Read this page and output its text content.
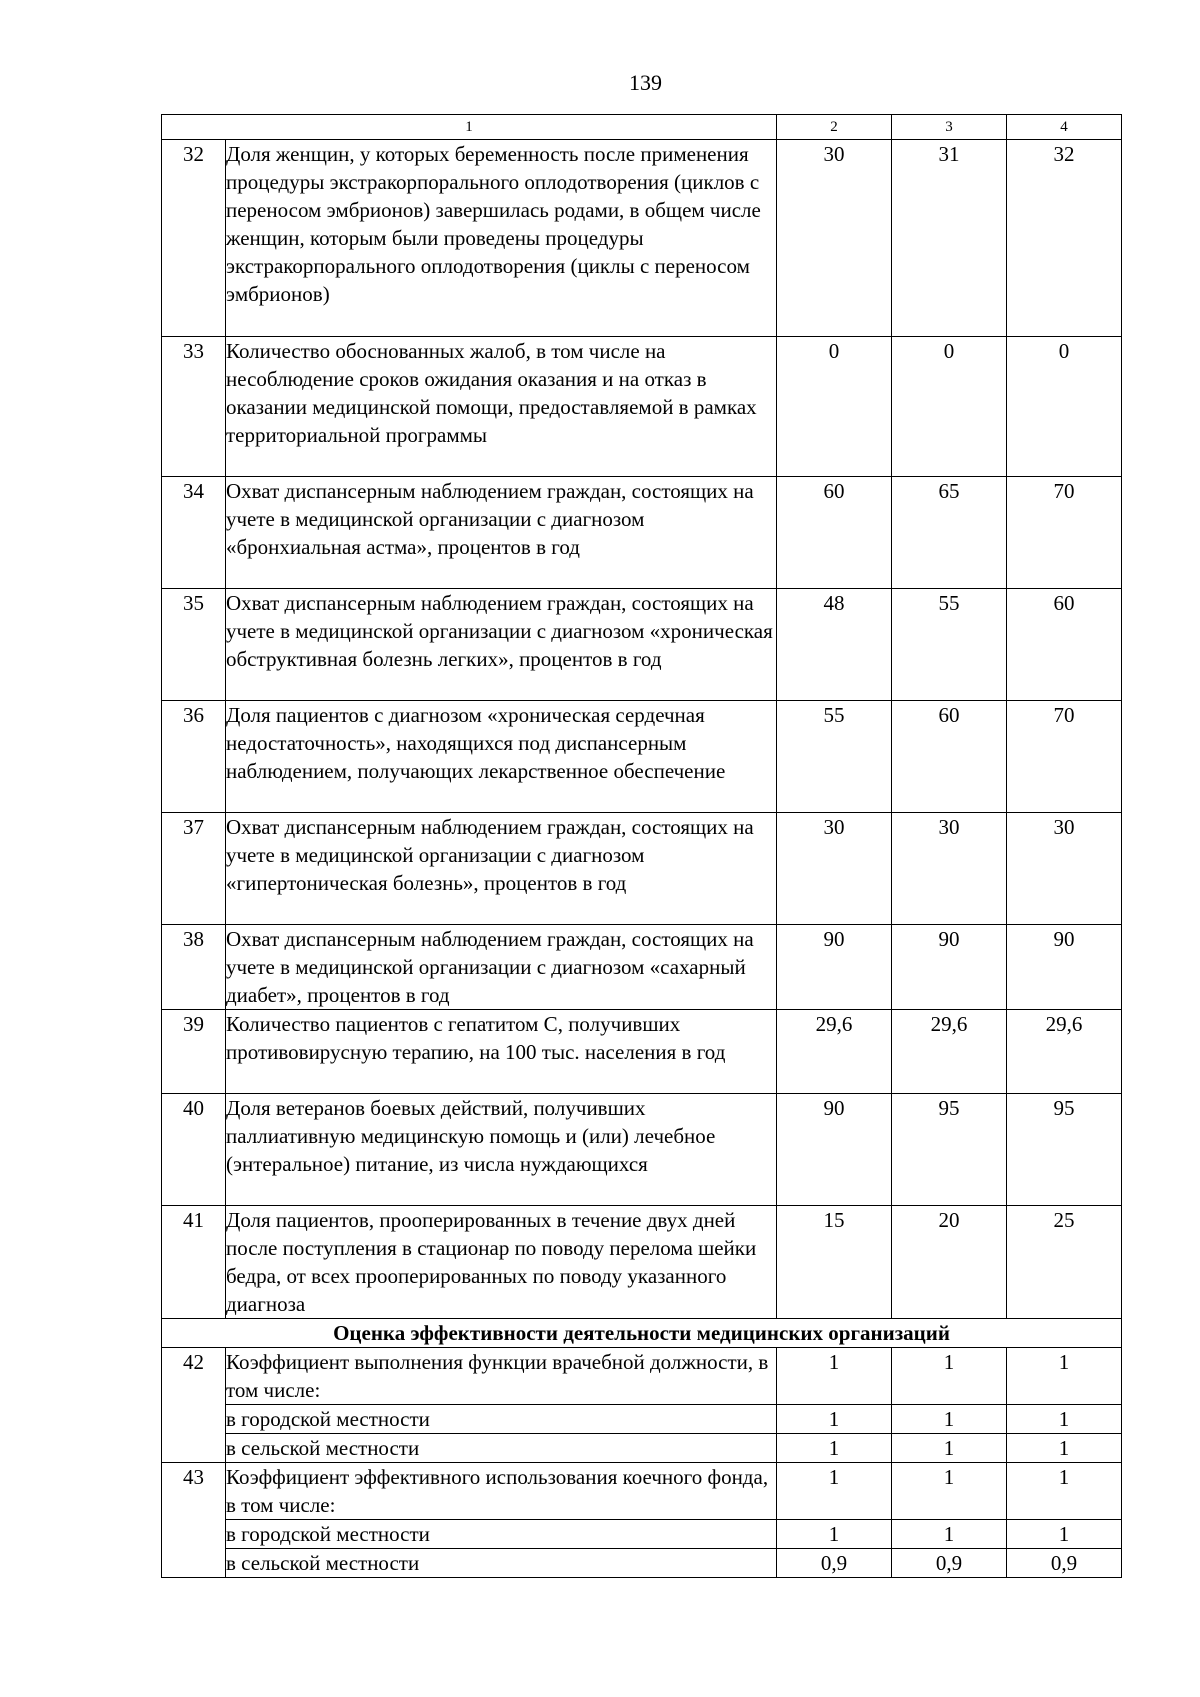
139
1		2	3	4
32	Доля женщин, у которых беременность после применения процедуры экстракорпорального оплодотворения (циклов с переносом эмбрионов) завершилась родами, в общем числе женщин, которым были проведены процедуры экстракорпорального оплодотворения (циклы с переносом эмбрионов)	30	31	32
33	Количество обоснованных жалоб, в том числе на несоблюдение сроков ожидания оказания и на отказ в оказании медицинской помощи, предоставляемой в рамках территориальной программы	0	0	0
34	Охват диспансерным наблюдением граждан, состоящих на учете в медицинской организации с диагнозом «бронхиальная астма», процентов в год	60	65	70
35	Охват диспансерным наблюдением граждан, состоящих на учете в медицинской организации с диагнозом «хроническая обструктивная болезнь легких», процентов в год	48	55	60
36	Доля пациентов с диагнозом «хроническая сердечная недостаточность», находящихся под диспансерным наблюдением, получающих лекарственное обеспечение	55	60	70
37	Охват диспансерным наблюдением граждан, состоящих на учете в медицинской организации с диагнозом «гипертоническая болезнь», процентов в год	30	30	30
38	Охват диспансерным наблюдением граждан, состоящих на учете в медицинской организации с диагнозом «сахарный диабет», процентов в год	90	90	90
39	Количество пациентов с гепатитом С, получивших противовирусную терапию, на 100 тыс. населения в год	29,6	29,6	29,6
40	Доля ветеранов боевых действий, получивших паллиативную медицинскую помощь и (или) лечебное (энтеральное) питание, из числа нуждающихся	90	95	95
41	Доля пациентов, прооперированных в течение двух дней после поступления в стационар по поводу перелома шейки бедра, от всех прооперированных по поводу указанного диагноза	15	20	25
Оценка эффективности деятельности медицинских организаций				
42	Коэффициент выполнения функции врачебной должности, в том числе:	1	1	1
	в городской местности	1	1	1
	в сельской местности	1	1	1
43	Коэффициент эффективного использования коечного фонда, в том числе:	1	1	1
	в городской местности	1	1	1
	в сельской местности	0,9	0,9	0,9
